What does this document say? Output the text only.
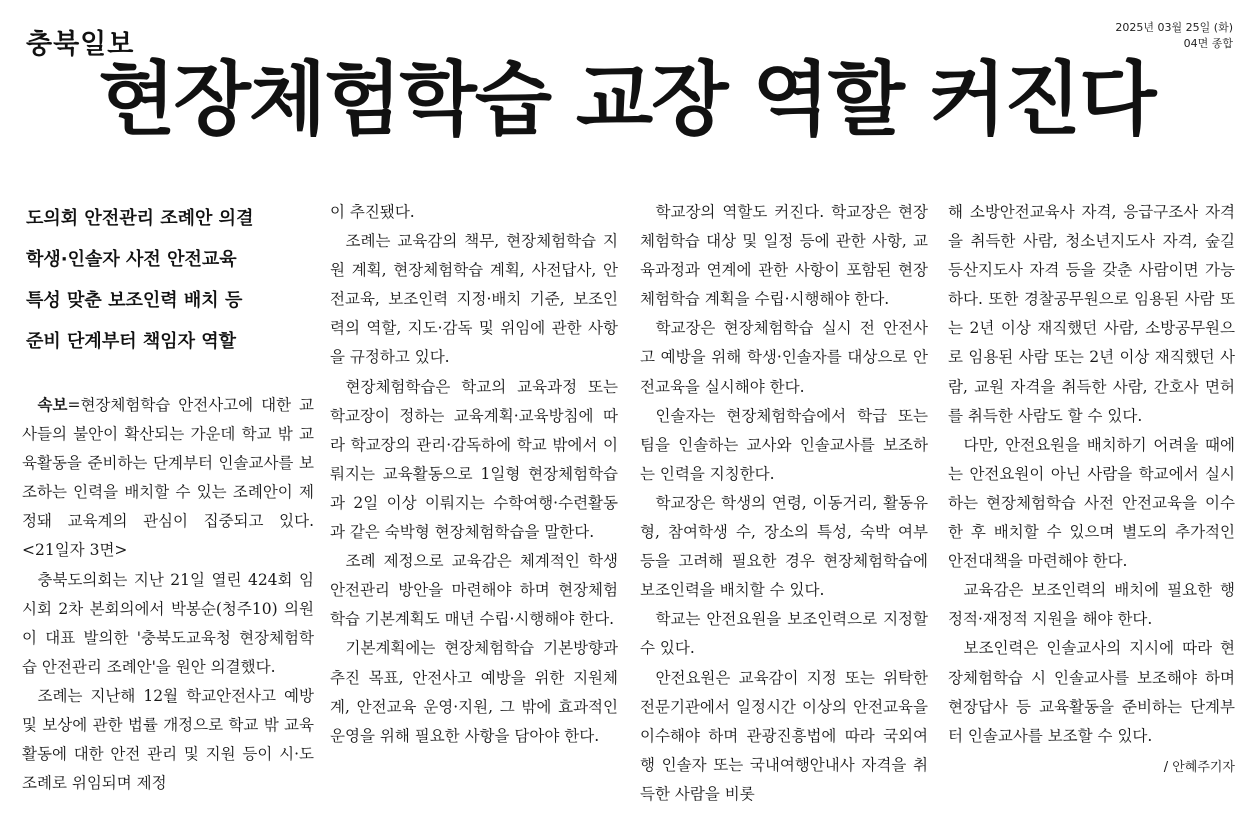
충북일보
2025년 03월 25일 (화)
04면 종합
현장체험학습 교장 역할 커진다
도의회 안전관리 조례안 의결
학생·인솔자 사전 안전교육
특성 맞춘 보조인력 배치 등
준비 단계부터 책임자 역할

속보=현장체험학습 안전사고에 대한 교사들의 불안이 확산되는 가운데 학교 밖 교육활동을 준비하는 단계부터 인솔교사를 보조하는 인력을 배치할 수 있는 조례안이 제정돼 교육계의 관심이 집중되고 있다. <21일자 3면>

충북도의회는 지난 21일 열린 424회 임시회 2차 본회의에서 박봉순(청주10) 의원이 대표 발의한 '충북도교육청 현장체험학습 안전관리 조례안'을 원안 의결했다.

조례는 지난해 12월 학교안전사고 예방 및 보상에 관한 법률 개정으로 학교 밖 교육활동에 대한 안전 관리 및 지원 등이 시·도 조례로 위임되며 제정

이 추진됐다.

조례는 교육감의 책무, 현장체험학습 지원 계획, 현장체험학습 계획, 사전답사, 안전교육, 보조인력 지정·배치 기준, 보조인력의 역할, 지도·감독 및 위임에 관한 사항을 규정하고 있다.

현장체험학습은 학교의 교육과정 또는 학교장이 정하는 교육계획·교육방침에 따라 학교장의 관리·감독하에 학교 밖에서 이뤄지는 교육활동으로 1일형 현장체험학습과 2일 이상 이뤄지는 수학여행·수련활동과 같은 숙박형 현장체험학습을 말한다.

조례 제정으로 교육감은 체계적인 학생안전관리 방안을 마련해야 하며 현장체험학습 기본계획도 매년 수립·시행해야 한다.

기본계획에는 현장체험학습 기본방향과 추진 목표, 안전사고 예방을 위한 지원체계, 안전교육 운영·지원, 그 밖에 효과적인 운영을 위해 필요한 사항을 담아야 한다.

학교장의 역할도 커진다. 학교장은 현장체험학습 대상 및 일정 등에 관한 사항, 교육과정과 연계에 관한 사항이 포함된 현장체험학습 계획을 수립·시행해야 한다.

학교장은 현장체험학습 실시 전 안전사고 예방을 위해 학생·인솔자를 대상으로 안전교육을 실시해야 한다.

인솔자는 현장체험학습에서 학급 또는 팀을 인솔하는 교사와 인솔교사를 보조하는 인력을 지칭한다.

학교장은 학생의 연령, 이동거리, 활동유형, 참여학생 수, 장소의 특성, 숙박 여부 등을 고려해 필요한 경우 현장체험학습에 보조인력을 배치할 수 있다.

학교는 안전요원을 보조인력으로 지정할 수 있다.

안전요원은 교육감이 지정 또는 위탁한 전문기관에서 일정시간 이상의 안전교육을 이수해야 하며 관광진흥법에 따라 국외여행 인솔자 또는 국내여행안내사 자격을 취득한 사람을 비롯

해 소방안전교육사 자격, 응급구조사 자격을 취득한 사람, 청소년지도사 자격, 숲길등산지도사 자격 등을 갖춘 사람이면 가능하다. 또한 경찰공무원으로 임용된 사람 또는 2년 이상 재직했던 사람, 소방공무원으로 임용된 사람 또는 2년 이상 재직했던 사람, 교원 자격을 취득한 사람, 간호사 면허를 취득한 사람도 할 수 있다.

다만, 안전요원을 배치하기 어려울 때에는 안전요원이 아닌 사람을 학교에서 실시하는 현장체험학습 사전 안전교육을 이수한 후 배치할 수 있으며 별도의 추가적인 안전대책을 마련해야 한다.

교육감은 보조인력의 배치에 필요한 행정적·재정적 지원을 해야 한다.

보조인력은 인솔교사의 지시에 따라 현장체험학습 시 인솔교사를 보조해야 하며 현장답사 등 교육활동을 준비하는 단계부터 인솔교사를 보조할 수 있다.

/ 안혜주기자
